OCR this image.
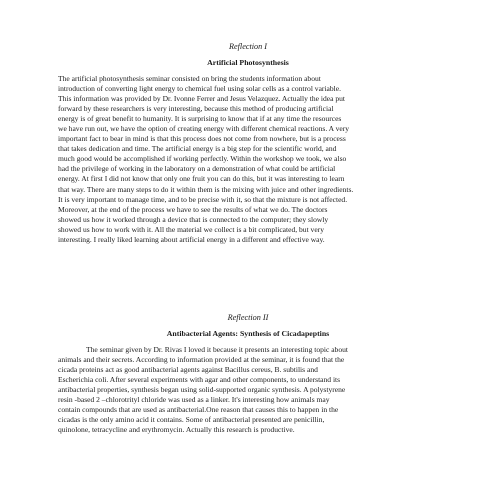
Reflection I

Artificial Photosynthesis

The artificial photosynthesis seminar consisted on bring the students information about
introduction of converting light energy to chemical fuel using solar cells as a control variable.
This information was provided by Dr. Ivonne Ferrer and Jesus Velazquez. Actually the idea put
forward by these researchers is very interesting, because this method of producing artificial
energy is of great benefit to humanity. It is surprising to know that if at any time the resources
we have run out, we have the option of creating energy with different chemical reactions. A very
important fact to bear in mind is that this process does not come from nowhere, but is a process
that takes dedication and time. The artificial energy is a big step for the scientific world, and
much good would be accomplished if working perfectly. Within the workshop we took, we also
had the privilege of working in the laboratory on a demonstration of what could be artificial
energy. At first I did not know that only one fruit you can do this, but it was interesting to learn
that way. There are many steps to do it within them is the mixing with juice and other ingredients.
It is very important to manage time, and to be precise with it, so that the mixture is not affected.
Moreover, at the end of the process we have to see the results of what we do. The doctors
showed us how it worked through a device that is connected to the computer; they slowly
showed us how to work with it. All the material we collect is a bit complicated, but very
interesting. I really liked learning about artificial energy in a different and effective way.

Reflection II

Antibacterial Agents: Synthesis of Cicadapeptins

The seminar given by Dr. Rivas I loved it because it presents an interesting topic about
animals and their secrets. According to information provided at the seminar, it is found that the
cicada proteins act as good antibacterial agents against Bacillus cereus, B. subtilis and
Escherichia coli. After several experiments with agar and other components, to understand its
antibacterial properties, synthesis began using solid-supported organic synthesis. A polystyrene
resin -based 2 –chlorotrityl chloride was used as a linker. It's interesting how animals may
contain compounds that are used as antibacterial.One reason that causes this to happen in the
cicadas is the only amino acid it contains. Some of antibacterial presented are penicillin,
quinolone, tetracycline and erythromycin. Actually this research is productive.
